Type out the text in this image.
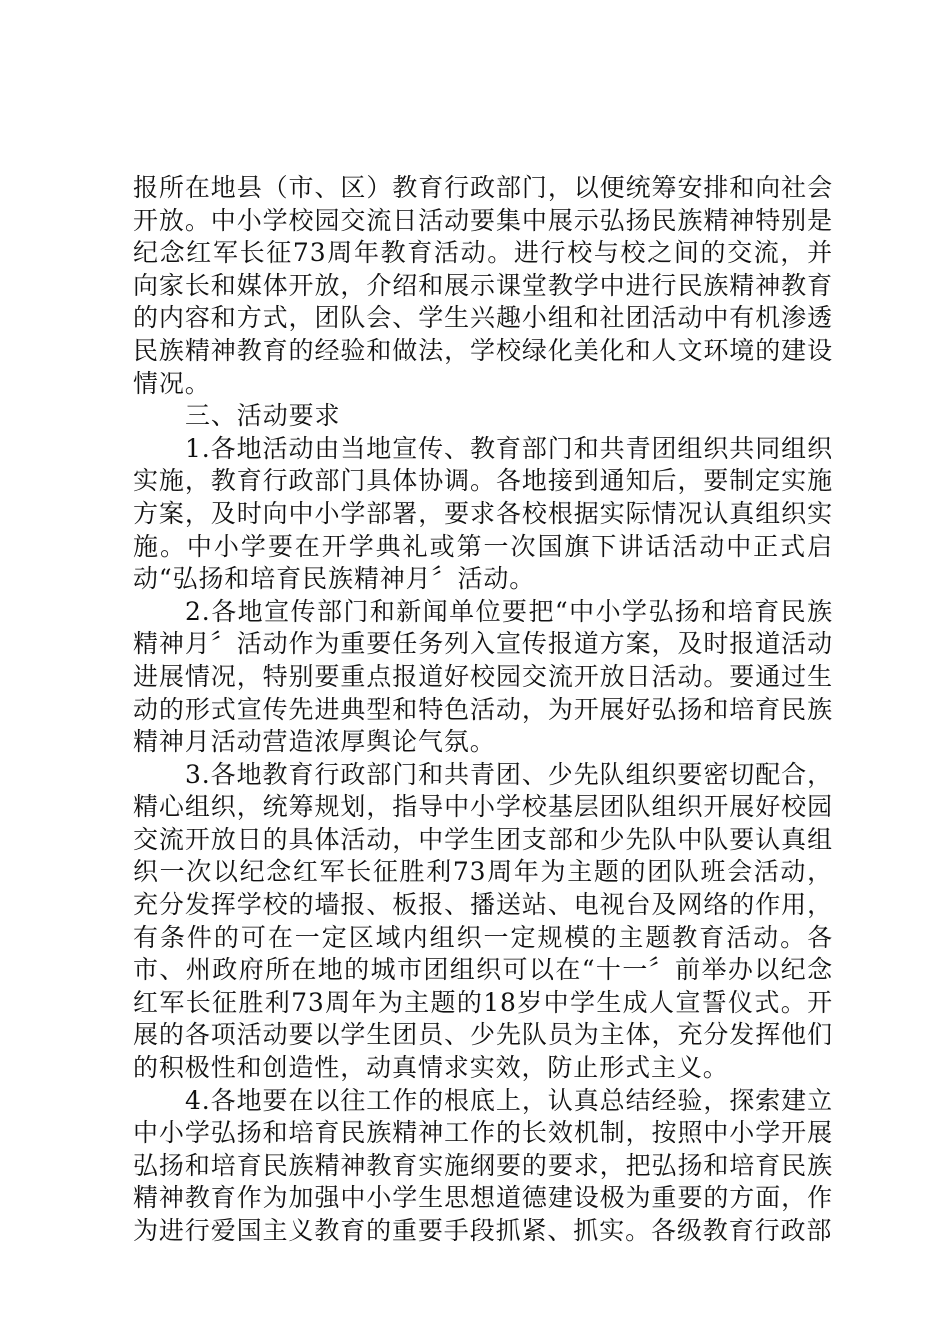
报所在地县（市、区）教育行政部门，以便统筹安排和向社会开放。中小学校园交流日活动要集中展示弘扬民族精神特别是纪念红军长征73周年教育活动。进行校与校之间的交流，并向家长和媒体开放，介绍和展示课堂教学中进行民族精神教育的内容和方式，团队会、学生兴趣小组和社团活动中有机渗透民族精神教育的经验和做法，学校绿化美化和人文环境的建设情况。

三、活动要求

1.各地活动由当地宣传、教育部门和共青团组织共同组织实施，教育行政部门具体协调。各地接到通知后，要制定实施方案，及时向中小学部署，要求各校根据实际情况认真组织实施。中小学要在开学典礼或第一次国旗下讲话活动中正式启动“弘扬和培育民族精神月〞活动。

2.各地宣传部门和新闻单位要把“中小学弘扬和培育民族精神月〞活动作为重要任务列入宣传报道方案，及时报道活动进展情况，特别要重点报道好校园交流开放日活动。要通过生动的形式宣传先进典型和特色活动，为开展好弘扬和培育民族精神月活动营造浓厚舆论气氛。

3.各地教育行政部门和共青团、少先队组织要密切配合，精心组织，统筹规划，指导中小学校基层团队组织开展好校园交流开放日的具体活动，中学生团支部和少先队中队要认真组织一次以纪念红军长征胜利73周年为主题的团队班会活动，充分发挥学校的墙报、板报、播送站、电视台及网络的作用，有条件的可在一定区域内组织一定规模的主题教育活动。各市、州政府所在地的城市团组织可以在“十一〞前举办以纪念红军长征胜利73周年为主题的18岁中学生成人宣誓仪式。开展的各项活动要以学生团员、少先队员为主体，充分发挥他们的积极性和创造性，动真情求实效，防止形式主义。

4.各地要在以往工作的根底上，认真总结经验，探索建立中小学弘扬和培育民族精神工作的长效机制，按照中小学开展弘扬和培育民族精神教育实施纲要的要求，把弘扬和培育民族精神教育作为加强中小学生思想道德建设极为重要的方面，作为进行爱国主义教育的重要手段抓紧、抓实。各级教育行政部
